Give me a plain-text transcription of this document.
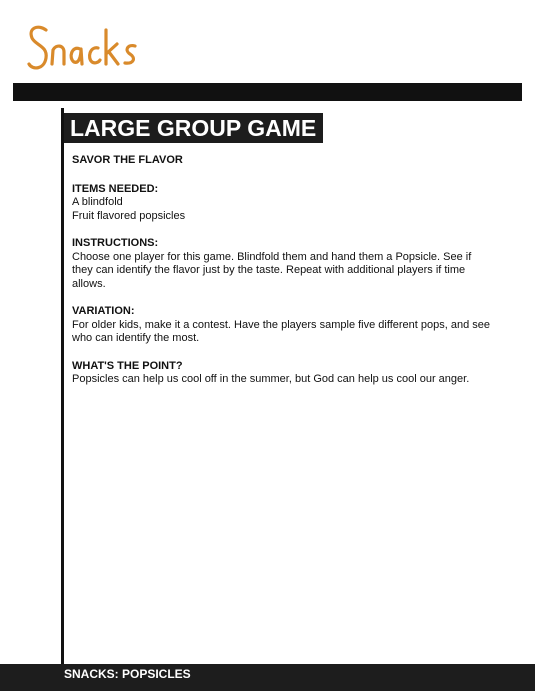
LARGE GROUP GAME
SAVOR THE FLAVOR
ITEMS NEEDED:

A blindfold

Fruit flavored popsicles

INSTRUCTIONS:

Choose one player for this game. Blindfold them and hand them a Popsicle. See if they can identify the flavor just by the taste. Repeat with additional players if time allows.

VARIATION:

For older kids, make it a contest. Have the players sample five different pops, and see who can identify the most.

WHAT'S THE POINT?

Popsicles can help us cool off in the summer, but God can help us cool our anger.

SNACKS: POPSICLES
